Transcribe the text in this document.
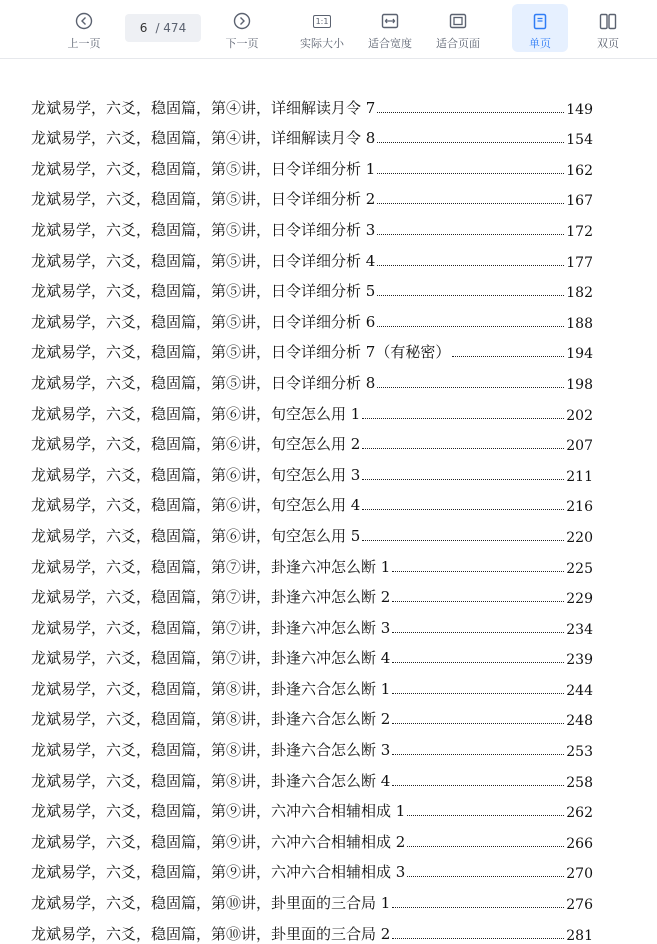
上一页
6 / 474
下一页
1:1
实际大小 适合宽度 适合页面	单页	双页
龙斌易学，六爻，稳固篇，第④讲，详细解读月令 7	149
龙斌易学，六爻，稳固篇，第④讲，详细解读月令 8	154
龙斌易学，六爻，稳固篇，第⑤讲，日令详细分析 1	162
龙斌易学，六爻，稳固篇，第⑤讲，日令详细分析 2	167
龙斌易学，六爻，稳固篇，第⑤讲，日令详细分析 3	172
龙斌易学，六爻，稳固篇，第⑤讲，日令详细分析 4	177
龙斌易学，六爻，稳固篇，第⑤讲，日令详细分析 5	182
龙斌易学，六爻，稳固篇，第⑤讲，日令详细分析 6	188
龙斌易学，六爻，稳固篇，第⑤讲，日令详细分析 7（有秘密）	194
龙斌易学，六爻，稳固篇，第⑤讲，日令详细分析 8	198
龙斌易学，六爻，稳固篇，第⑥讲，旬空怎么用 1	202
龙斌易学，六爻，稳固篇，第⑥讲，旬空怎么用 2	207
龙斌易学，六爻，稳固篇，第⑥讲，旬空怎么用 3	211
龙斌易学，六爻，稳固篇，第⑥讲，旬空怎么用 4	216
龙斌易学，六爻，稳固篇，第⑥讲，旬空怎么用 5	220
龙斌易学，六爻，稳固篇，第⑦讲，卦逢六冲怎么断 1	225
龙斌易学，六爻，稳固篇，第⑦讲，卦逢六冲怎么断 2	229
龙斌易学，六爻，稳固篇，第⑦讲，卦逢六冲怎么断 3	234
龙斌易学，六爻，稳固篇，第⑦讲，卦逢六冲怎么断 4	239
龙斌易学，六爻，稳固篇，第⑧讲，卦逢六合怎么断 1	244
龙斌易学，六爻，稳固篇，第⑧讲，卦逢六合怎么断 2	248
龙斌易学，六爻，稳固篇，第⑧讲，卦逢六合怎么断 3	253
龙斌易学，六爻，稳固篇，第⑧讲，卦逢六合怎么断 4	258
龙斌易学，六爻，稳固篇，第⑨讲，六冲六合相辅相成 1	262
龙斌易学，六爻，稳固篇，第⑨讲，六冲六合相辅相成 2	266
龙斌易学，六爻，稳固篇，第⑨讲，六冲六合相辅相成 3	270
龙斌易学，六爻，稳固篇，第⑩讲，卦里面的三合局 1	276
龙斌易学，六爻，稳固篇，第⑩讲，卦里面的三合局 2	281
